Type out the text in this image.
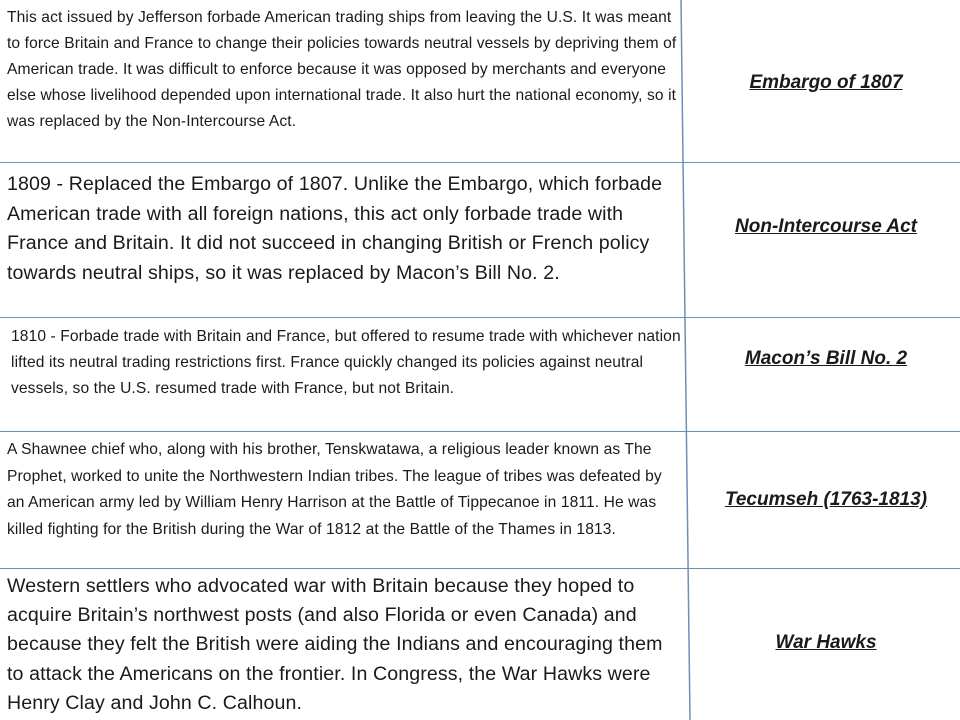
This act issued by Jefferson forbade American trading ships from leaving the U.S. It was meant to force Britain and France to change their policies towards neutral vessels by depriving them of American trade. It was difficult to enforce because it was opposed by merchants and everyone else whose livelihood depended upon international trade. It also hurt the national economy, so it was replaced by the Non-Intercourse Act.

Embargo of 1807

1809 - Replaced the Embargo of 1807. Unlike the Embargo, which forbade American trade with all foreign nations, this act only forbade trade with France and Britain. It did not succeed in changing British or French policy towards neutral ships, so it was replaced by Macon’s Bill No. 2.

Non-Intercourse Act

1810 - Forbade trade with Britain and France, but offered to resume trade with whichever nation lifted its neutral trading restrictions first. France quickly changed its policies against neutral vessels, so the U.S. resumed trade with France, but not Britain.

Macon’s Bill No. 2

A Shawnee chief who, along with his brother, Tenskwatawa, a religious leader known as The Prophet, worked to unite the Northwestern Indian tribes. The league of tribes was defeated by an American army led by William Henry Harrison at the Battle of Tippecanoe in 1811. He was killed fighting for the British during the War of 1812 at the Battle of the Thames in 1813.

Tecumseh (1763-1813)

Western settlers who advocated war with Britain because they hoped to acquire Britain’s northwest posts (and also Florida or even Canada) and because they felt the British were aiding the Indians and encouraging them to attack the Americans on the frontier. In Congress, the War Hawks were Henry Clay and John C. Calhoun.

War Hawks
